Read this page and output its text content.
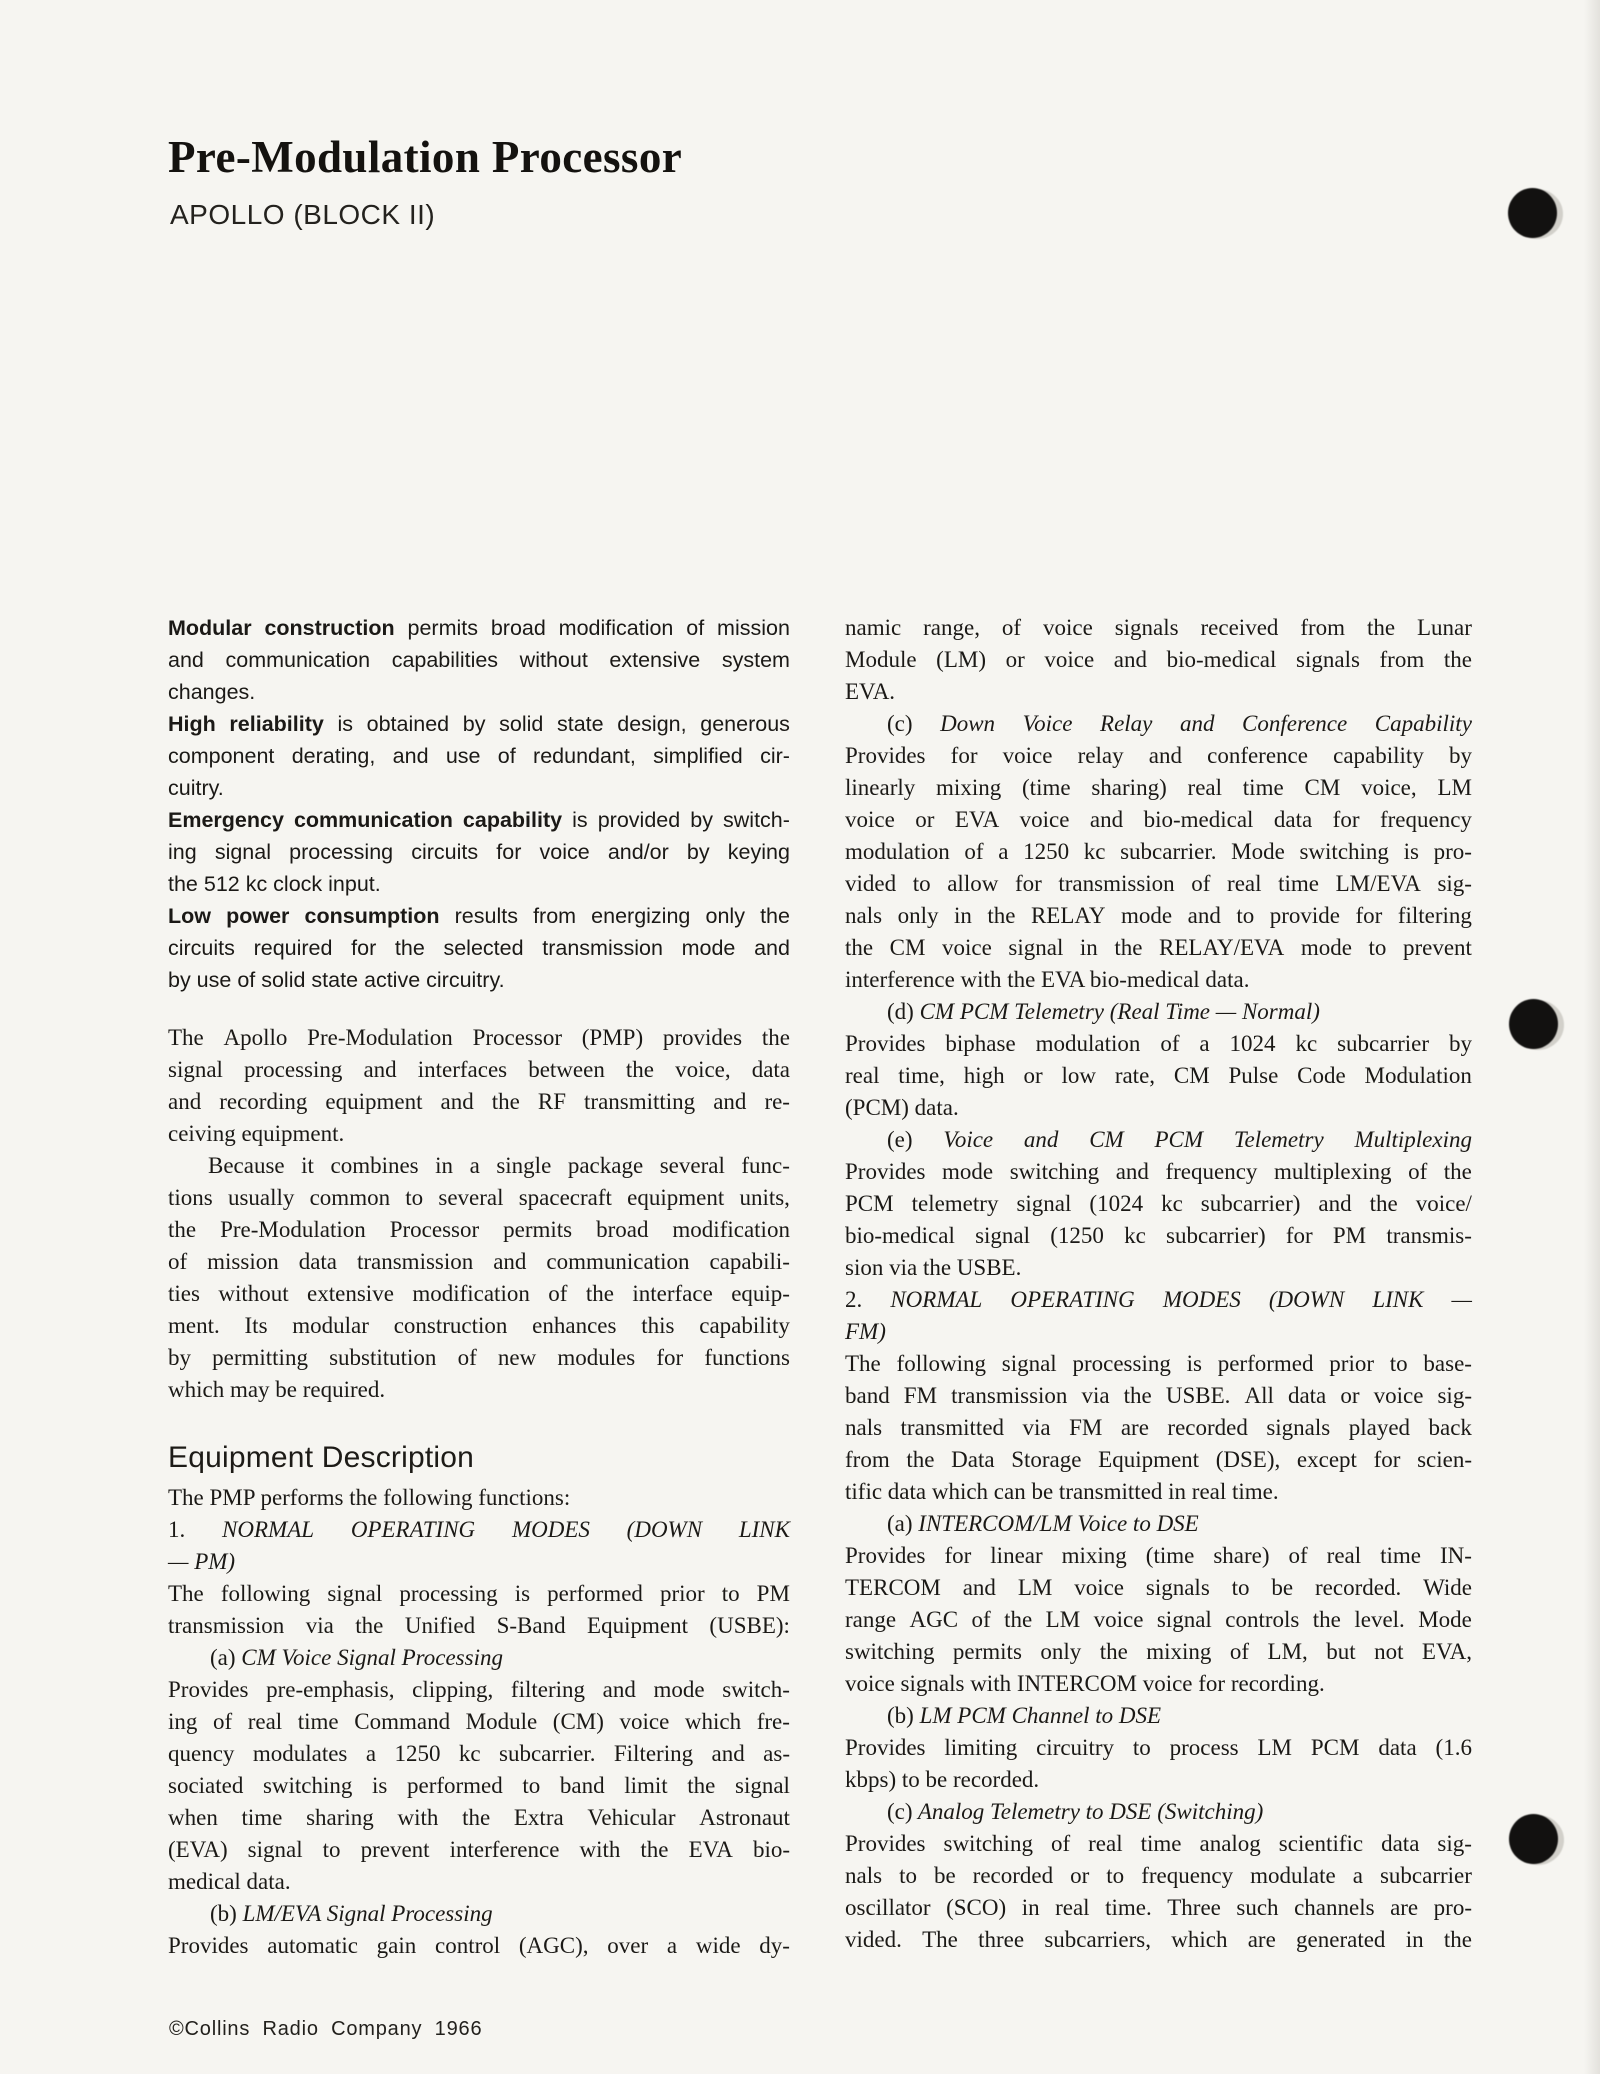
Pre-Modulation Processor
APOLLO (BLOCK II)
Modular construction permits broad modification of mission
and communication capabilities without extensive system
changes.
High reliability is obtained by solid state design, generous
component derating, and use of redundant, simplified cir-
cuitry.
Emergency communication capability is provided by switch-
ing signal processing circuits for voice and/or by keying
the 512 kc clock input.
Low power consumption results from energizing only the
circuits required for the selected transmission mode and
by use of solid state active circuitry.
The Apollo Pre-Modulation Processor (PMP) provides the
signal processing and interfaces between the voice, data
and recording equipment and the RF transmitting and re-
ceiving equipment.
Because it combines in a single package several func-
tions usually common to several spacecraft equipment units,
the Pre-Modulation Processor permits broad modification
of mission data transmission and communication capabili-
ties without extensive modification of the interface equip-
ment. Its modular construction enhances this capability
by permitting substitution of new modules for functions
which may be required.
Equipment Description
The PMP performs the following functions:
1. NORMAL OPERATING MODES (DOWN LINK
— PM)
The following signal processing is performed prior to PM
transmission via the Unified S-Band Equipment (USBE):
(a) CM Voice Signal Processing
Provides pre-emphasis, clipping, filtering and mode switch-
ing of real time Command Module (CM) voice which fre-
quency modulates a 1250 kc subcarrier. Filtering and as-
sociated switching is performed to band limit the signal
when time sharing with the Extra Vehicular Astronaut
(EVA) signal to prevent interference with the EVA bio-
medical data.
(b) LM/EVA Signal Processing
Provides automatic gain control (AGC), over a wide dy-
namic range, of voice signals received from the Lunar
Module (LM) or voice and bio-medical signals from the
EVA.
(c) Down Voice Relay and Conference Capability
Provides for voice relay and conference capability by
linearly mixing (time sharing) real time CM voice, LM
voice or EVA voice and bio-medical data for frequency
modulation of a 1250 kc subcarrier. Mode switching is pro-
vided to allow for transmission of real time LM/EVA sig-
nals only in the RELAY mode and to provide for filtering
the CM voice signal in the RELAY/EVA mode to prevent
interference with the EVA bio-medical data.
(d) CM PCM Telemetry (Real Time — Normal)
Provides biphase modulation of a 1024 kc subcarrier by
real time, high or low rate, CM Pulse Code Modulation
(PCM) data.
(e) Voice and CM PCM Telemetry Multiplexing
Provides mode switching and frequency multiplexing of the
PCM telemetry signal (1024 kc subcarrier) and the voice/
bio-medical signal (1250 kc subcarrier) for PM transmis-
sion via the USBE.
2. NORMAL OPERATING MODES (DOWN LINK —
FM)
The following signal processing is performed prior to base-
band FM transmission via the USBE. All data or voice sig-
nals transmitted via FM are recorded signals played back
from the Data Storage Equipment (DSE), except for scien-
tific data which can be transmitted in real time.
(a) INTERCOM/LM Voice to DSE
Provides for linear mixing (time share) of real time IN-
TERCOM and LM voice signals to be recorded. Wide
range AGC of the LM voice signal controls the level. Mode
switching permits only the mixing of LM, but not EVA,
voice signals with INTERCOM voice for recording.
(b) LM PCM Channel to DSE
Provides limiting circuitry to process LM PCM data (1.6
kbps) to be recorded.
(c) Analog Telemetry to DSE (Switching)
Provides switching of real time analog scientific data sig-
nals to be recorded or to frequency modulate a subcarrier
oscillator (SCO) in real time. Three such channels are pro-
vided. The three subcarriers, which are generated in the
©Collins Radio Company 1966
